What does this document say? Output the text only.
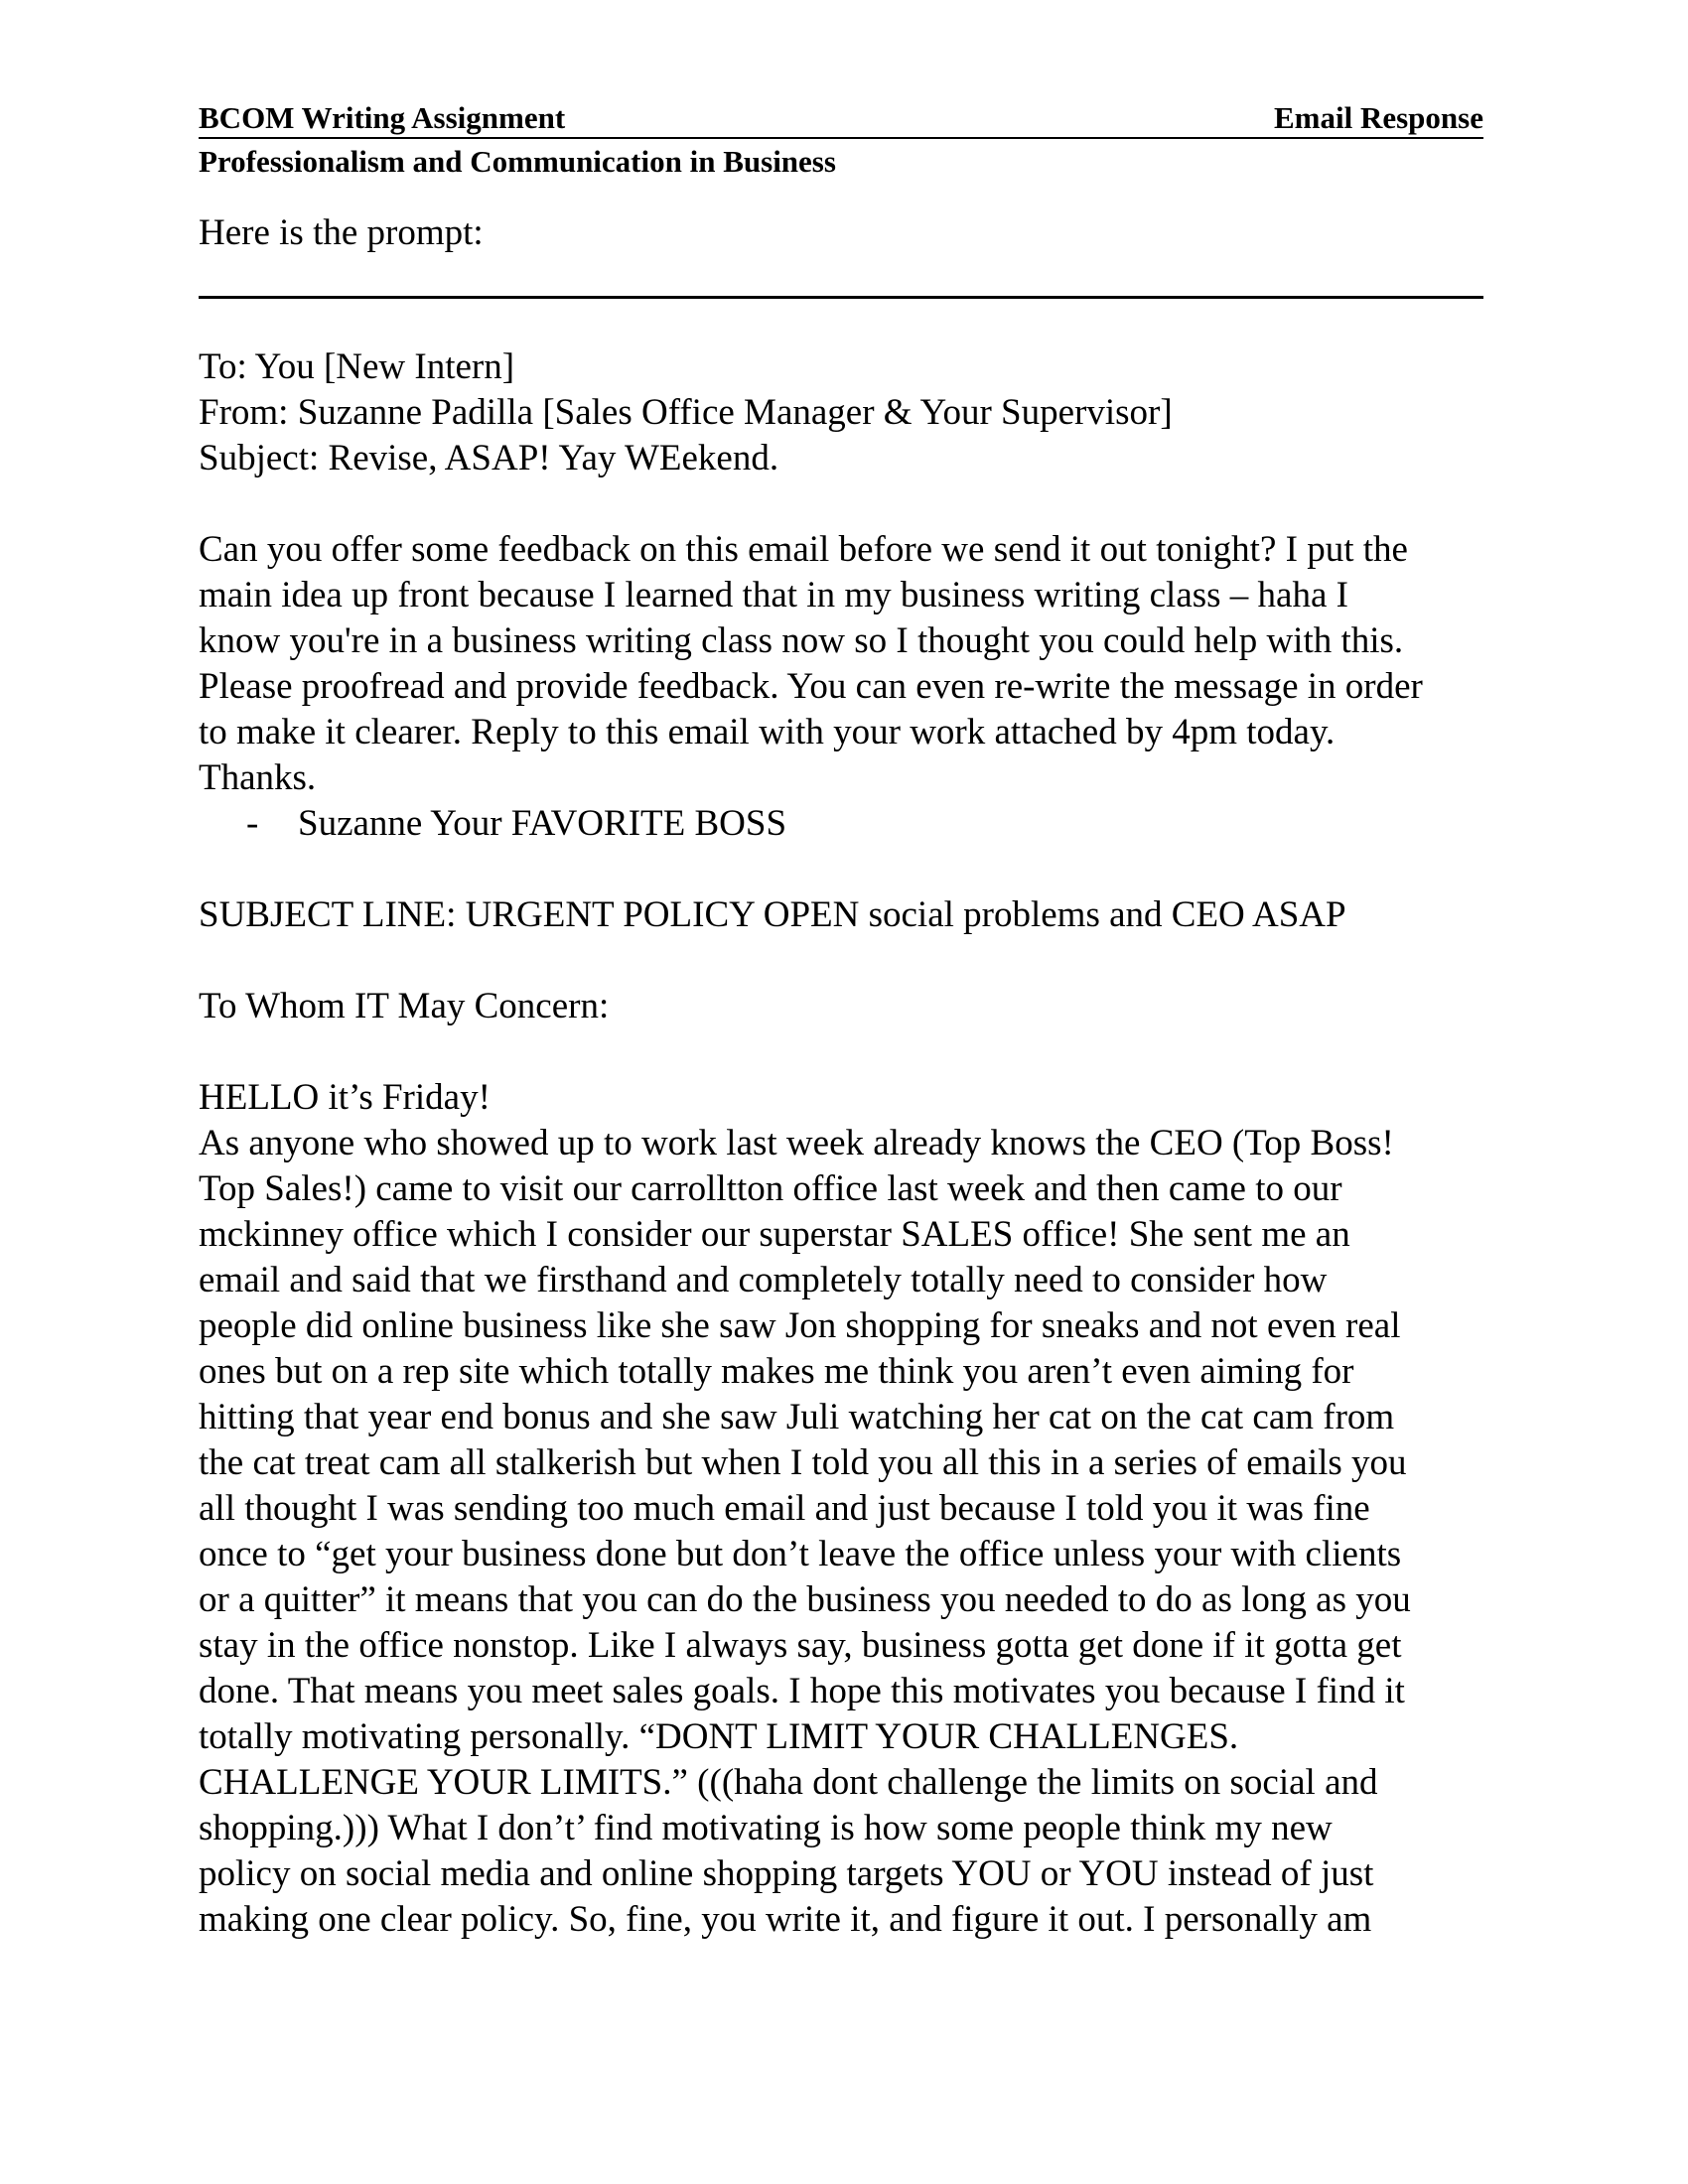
BCOM Writing Assignment	Email Response
Professionalism and Communication in Business
Here is the prompt:
To: You [New Intern]
From: Suzanne Padilla [Sales Office Manager & Your Supervisor]
Subject: Revise, ASAP! Yay WEekend.
Can you offer some feedback on this email before we send it out tonight? I put the
main idea up front because I learned that in my business writing class – haha I
know you're in a business writing class now so I thought you could help with this.
Please proofread and provide feedback. You can even re-write the message in order
to make it clearer. Reply to this email with your work attached by 4pm today.
Thanks.
-	Suzanne Your FAVORITE BOSS
SUBJECT LINE: URGENT POLICY OPEN social problems and CEO ASAP
To Whom IT May Concern:
HELLO it’s Friday!
As anyone who showed up to work last week already knows the CEO (Top Boss!
Top Sales!) came to visit our carrolltton office last week and then came to our
mckinney office which I consider our superstar SALES office! She sent me an
email and said that we firsthand and completely totally need to consider how
people did online business like she saw Jon shopping for sneaks and not even real
ones but on a rep site which totally makes me think you aren’t even aiming for
hitting that year end bonus and she saw Juli watching her cat on the cat cam from
the cat treat cam all stalkerish but when I told you all this in a series of emails you
all thought I was sending too much email and just because I told you it was fine
once to “get your business done but don’t leave the office unless your with clients
or a quitter” it means that you can do the business you needed to do as long as you
stay in the office nonstop. Like I always say, business gotta get done if it gotta get
done. That means you meet sales goals. I hope this motivates you because I find it
totally motivating personally. “DONT LIMIT YOUR CHALLENGES.
CHALLENGE YOUR LIMITS.” (((haha dont challenge the limits on social and
shopping.))) What I don’t’ find motivating is how some people think my new
policy on social media and online shopping targets YOU or YOU instead of just
making one clear policy. So, fine, you write it, and figure it out. I personally am
